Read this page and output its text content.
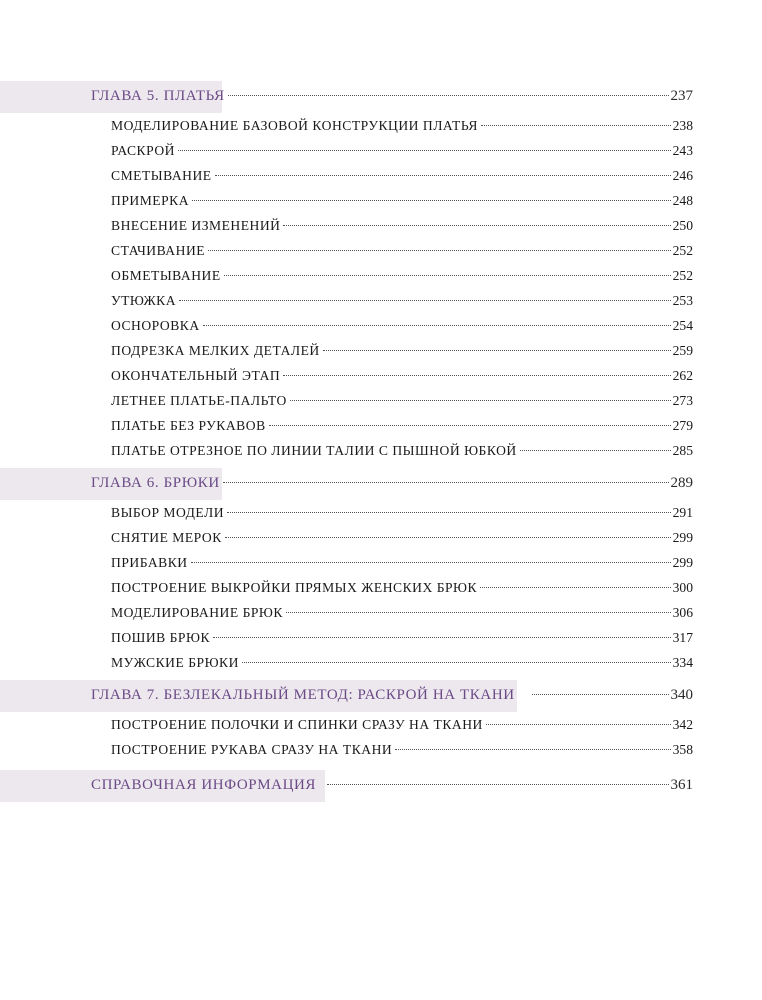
ГЛАВА 5. ПЛАТЬЯ	237
МОДЕЛИРОВАНИЕ БАЗОВОЙ КОНСТРУКЦИИ ПЛАТЬЯ	238
РАСКРОЙ	243
СМЕТЫВАНИЕ	246
ПРИМЕРКА	248
ВНЕСЕНИЕ ИЗМЕНЕНИЙ	250
СТАЧИВАНИЕ	252
ОБМЕТЫВАНИЕ	252
УТЮЖКА	253
ОСНОРОВКА	254
ПОДРЕЗКА МЕЛКИХ ДЕТАЛЕЙ	259
ОКОНЧАТЕЛЬНЫЙ ЭТАП	262
ЛЕТНЕЕ ПЛАТЬЕ-ПАЛЬТО	273
ПЛАТЬЕ БЕЗ РУКАВОВ	279
ПЛАТЬЕ ОТРЕЗНОЕ ПО ЛИНИИ ТАЛИИ С ПЫШНОЙ ЮБКОЙ	285
ГЛАВА 6. БРЮКИ	289
ВЫБОР МОДЕЛИ	291
СНЯТИЕ МЕРОК	299
ПРИБАВКИ	299
ПОСТРОЕНИЕ ВЫКРОЙКИ ПРЯМЫХ ЖЕНСКИХ БРЮК	300
МОДЕЛИРОВАНИЕ БРЮК	306
ПОШИВ БРЮК	317
МУЖСКИЕ БРЮКИ	334
ГЛАВА 7. БЕЗЛЕКАЛЬНЫЙ МЕТОД: РАСКРОЙ НА ТКАНИ	340
ПОСТРОЕНИЕ ПОЛОЧКИ И СПИНКИ СРАЗУ НА ТКАНИ	342
ПОСТРОЕНИЕ РУКАВА СРАЗУ НА ТКАНИ	358
СПРАВОЧНАЯ ИНФОРМАЦИЯ	361
